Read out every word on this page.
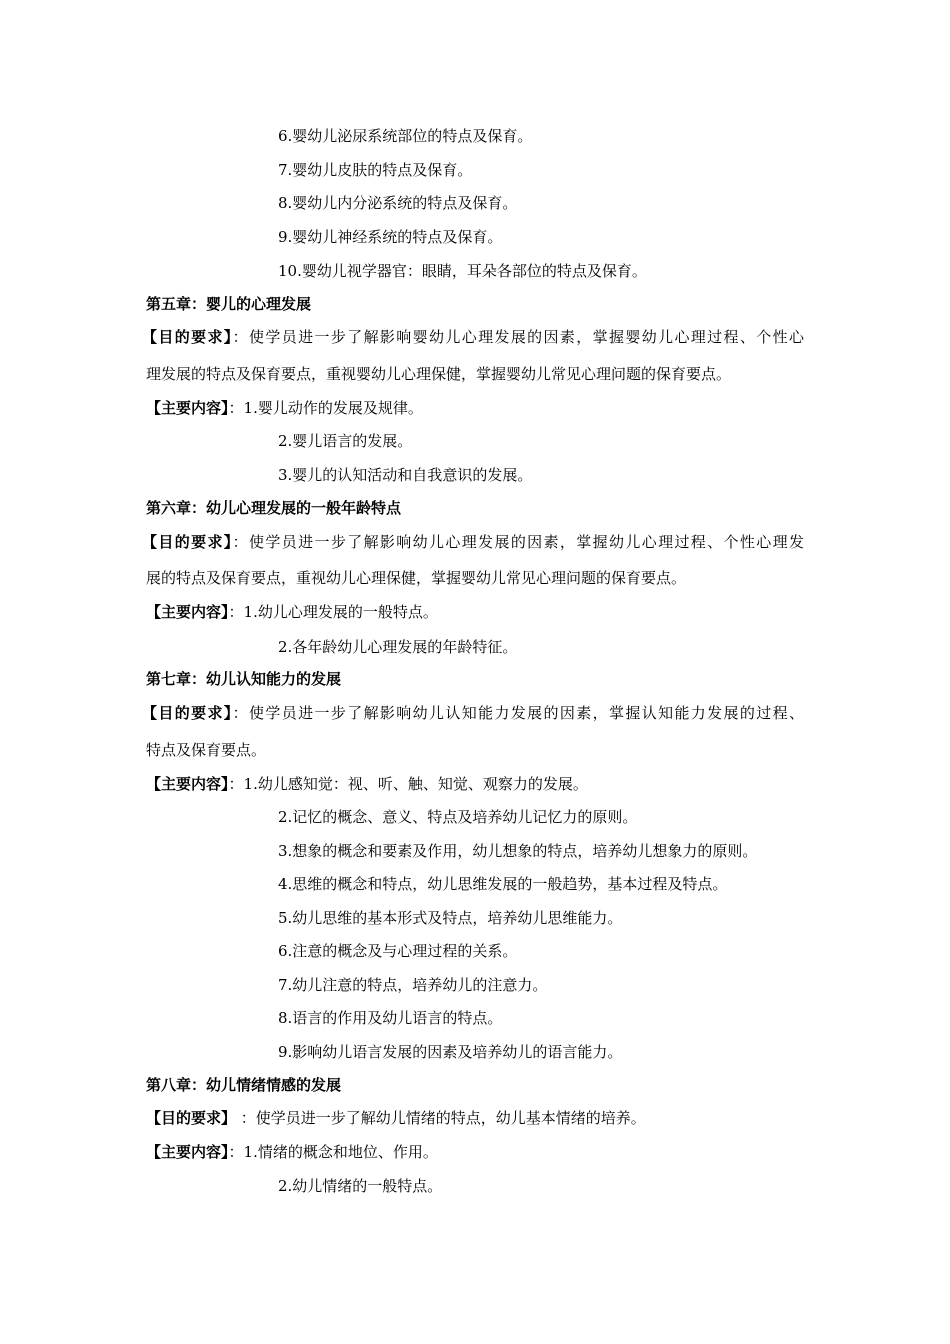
6.婴幼儿泌尿系统部位的特点及保育。
7.婴幼儿皮肤的特点及保育。
8.婴幼儿内分泌系统的特点及保育。
9.婴幼儿神经系统的特点及保育。
10.婴幼儿视学器官：眼睛，耳朵各部位的特点及保育。
第五章：婴儿的心理发展
【目的要求】：使学员进一步了解影响婴幼儿心理发展的因素，掌握婴幼儿心理过程、个性心
理发展的特点及保育要点，重视婴幼儿心理保健，掌握婴幼儿常见心理问题的保育要点。
【主要内容】：1.婴儿动作的发展及规律。
2.婴儿语言的发展。
3.婴儿的认知活动和自我意识的发展。
第六章：幼儿心理发展的一般年龄特点
【目的要求】：使学员进一步了解影响幼儿心理发展的因素，掌握幼儿心理过程、个性心理发
展的特点及保育要点，重视幼儿心理保健，掌握婴幼儿常见心理问题的保育要点。
【主要内容】：1.幼儿心理发展的一般特点。
2.各年龄幼儿心理发展的年龄特征。
第七章：幼儿认知能力的发展
【目的要求】：使学员进一步了解影响幼儿认知能力发展的因素，掌握认知能力发展的过程、
特点及保育要点。
【主要内容】：1.幼儿感知觉：视、听、触、知觉、观察力的发展。
2.记忆的概念、意义、特点及培养幼儿记忆力的原则。
3.想象的概念和要素及作用，幼儿想象的特点，培养幼儿想象力的原则。
4.思维的概念和特点，幼儿思维发展的一般趋势，基本过程及特点。
5.幼儿思维的基本形式及特点，培养幼儿思维能力。
6.注意的概念及与心理过程的关系。
7.幼儿注意的特点，培养幼儿的注意力。
8.语言的作用及幼儿语言的特点。
9.影响幼儿语言发展的因素及培养幼儿的语言能力。
第八章：幼儿情绪情感的发展
【目的要求】 ：使学员进一步了解幼儿情绪的特点，幼儿基本情绪的培养。
【主要内容】：1.情绪的概念和地位、作用。
2.幼儿情绪的一般特点。
